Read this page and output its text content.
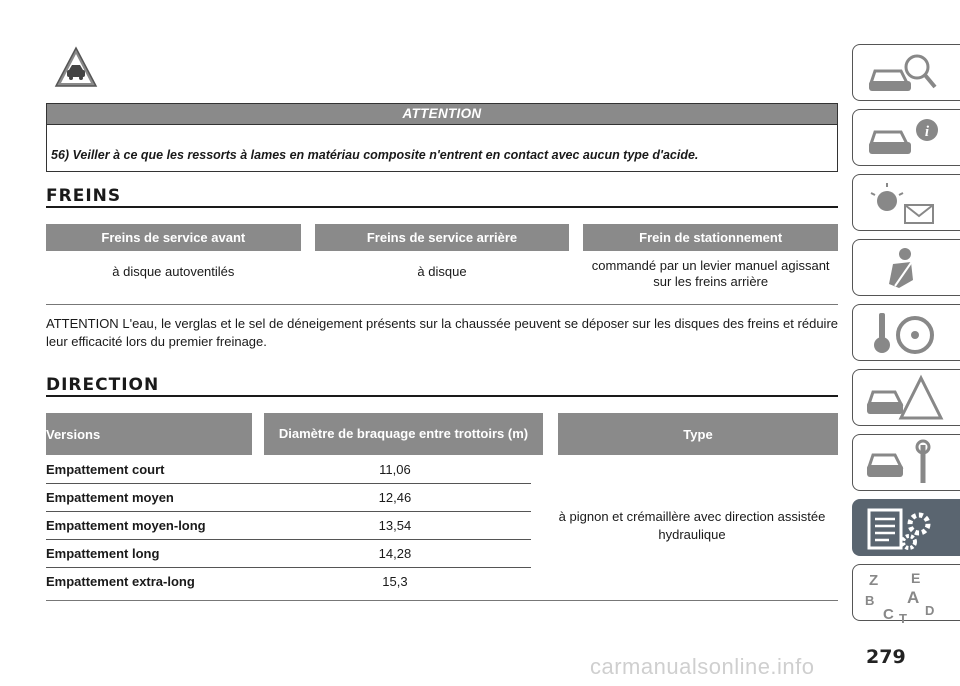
ATTENTION
56) Veiller à ce que les ressorts à lames en matériau composite n'entrent en contact avec aucun type d'acide.
FREINS
Freins de service avant	Freins de service arrière	Frein de stationnement
à disque autoventilés	à disque	commandé par un levier manuel agissant sur les freins arrière
ATTENTION L'eau, le verglas et le sel de déneigement présents sur la chaussée peuvent se déposer sur les disques des freins et réduire leur efficacité lors du premier freinage.
DIRECTION
Versions	Diamètre de braquage entre trottoirs (m)	Type
Empattement court	11,06
Empattement moyen	12,46
Empattement moyen-long	13,54
Empattement long	14,28
Empattement extra-long	15,3
à pignon et crémaillère avec direction assistée hydraulique
i
Z E
B A
C D
T
carmanualsonline.info	279
